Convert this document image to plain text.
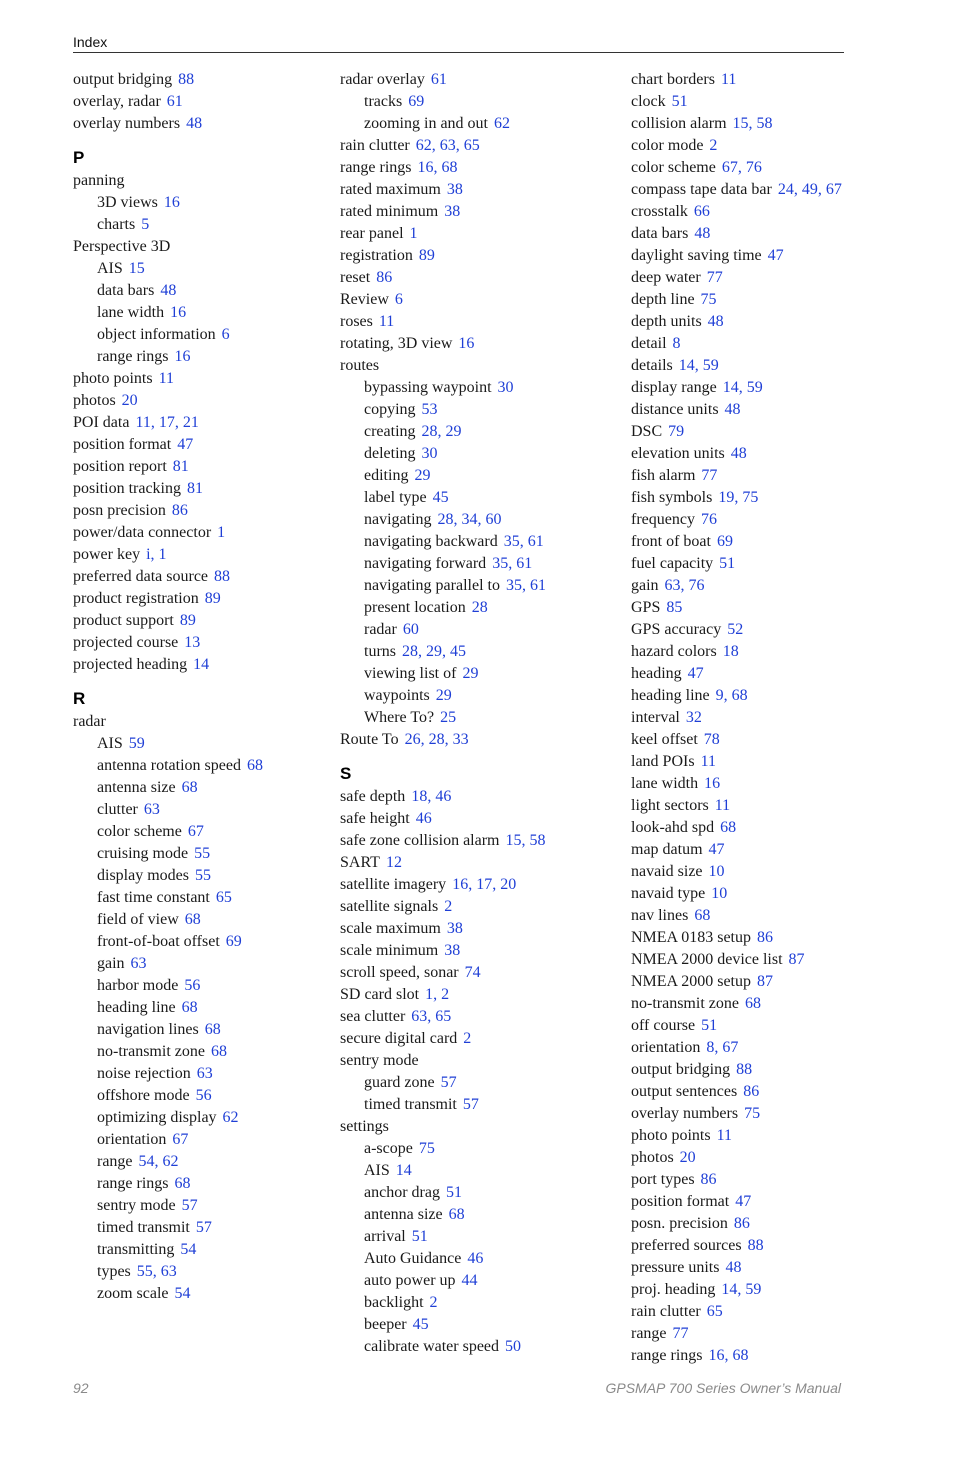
Index
output bridging 88
overlay, radar 61
overlay numbers 48
P
panning
3D views 16
charts 5
Perspective 3D
AIS 15
data bars 48
lane width 16
object information 6
range rings 16
photo points 11
photos 20
POI data 11, 17, 21
position format 47
position report 81
position tracking 81
posn precision 86
power/data connector 1
power key i, 1
preferred data source 88
product registration 89
product support 89
projected course 13
projected heading 14
R
radar
AIS 59
antenna rotation speed 68
antenna size 68
clutter 63
color scheme 67
cruising mode 55
display modes 55
fast time constant 65
field of view 68
front-of-boat offset 69
gain 63
harbor mode 56
heading line 68
navigation lines 68
no-transmit zone 68
noise rejection 63
offshore mode 56
optimizing display 62
orientation 67
range 54, 62
range rings 68
sentry mode 57
timed transmit 57
transmitting 54
types 55, 63
zoom scale 54
radar overlay 61
tracks 69
zooming in and out 62
rain clutter 62, 63, 65
range rings 16, 68
rated maximum 38
rated minimum 38
rear panel 1
registration 89
reset 86
Review 6
roses 11
rotating, 3D view 16
routes
bypassing waypoint 30
copying 53
creating 28, 29
deleting 30
editing 29
label type 45
navigating 28, 34, 60
navigating backward 35, 61
navigating forward 35, 61
navigating parallel to 35, 61
present location 28
radar 60
turns 28, 29, 45
viewing list of 29
waypoints 29
Where To? 25
Route To 26, 28, 33
S
safe depth 18, 46
safe height 46
safe zone collision alarm 15, 58
SART 12
satellite imagery 16, 17, 20
satellite signals 2
scale maximum 38
scale minimum 38
scroll speed, sonar 74
SD card slot 1, 2
sea clutter 63, 65
secure digital card 2
sentry mode
guard zone 57
timed transmit 57
settings
a-scope 75
AIS 14
anchor drag 51
antenna size 68
arrival 51
Auto Guidance 46
auto power up 44
backlight 2
beeper 45
calibrate water speed 50
chart borders 11
clock 51
collision alarm 15, 58
color mode 2
color scheme 67, 76
compass tape data bar 24, 49, 67
crosstalk 66
data bars 48
daylight saving time 47
deep water 77
depth line 75
depth units 48
detail 8
details 14, 59
display range 14, 59
distance units 48
DSC 79
elevation units 48
fish alarm 77
fish symbols 19, 75
frequency 76
front of boat 69
fuel capacity 51
gain 63, 76
GPS 85
GPS accuracy 52
hazard colors 18
heading 47
heading line 9, 68
interval 32
keel offset 78
land POIs 11
lane width 16
light sectors 11
look-ahd spd 68
map datum 47
navaid size 10
navaid type 10
nav lines 68
NMEA 0183 setup 86
NMEA 2000 device list 87
NMEA 2000 setup 87
no-transmit zone 68
off course 51
orientation 8, 67
output bridging 88
output sentences 86
overlay numbers 75
photo points 11
photos 20
port types 86
position format 47
posn. precision 86
preferred sources 88
pressure units 48
proj. heading 14, 59
rain clutter 65
range 77
range rings 16, 68
92	GPSMAP 700 Series Owner’s Manual
